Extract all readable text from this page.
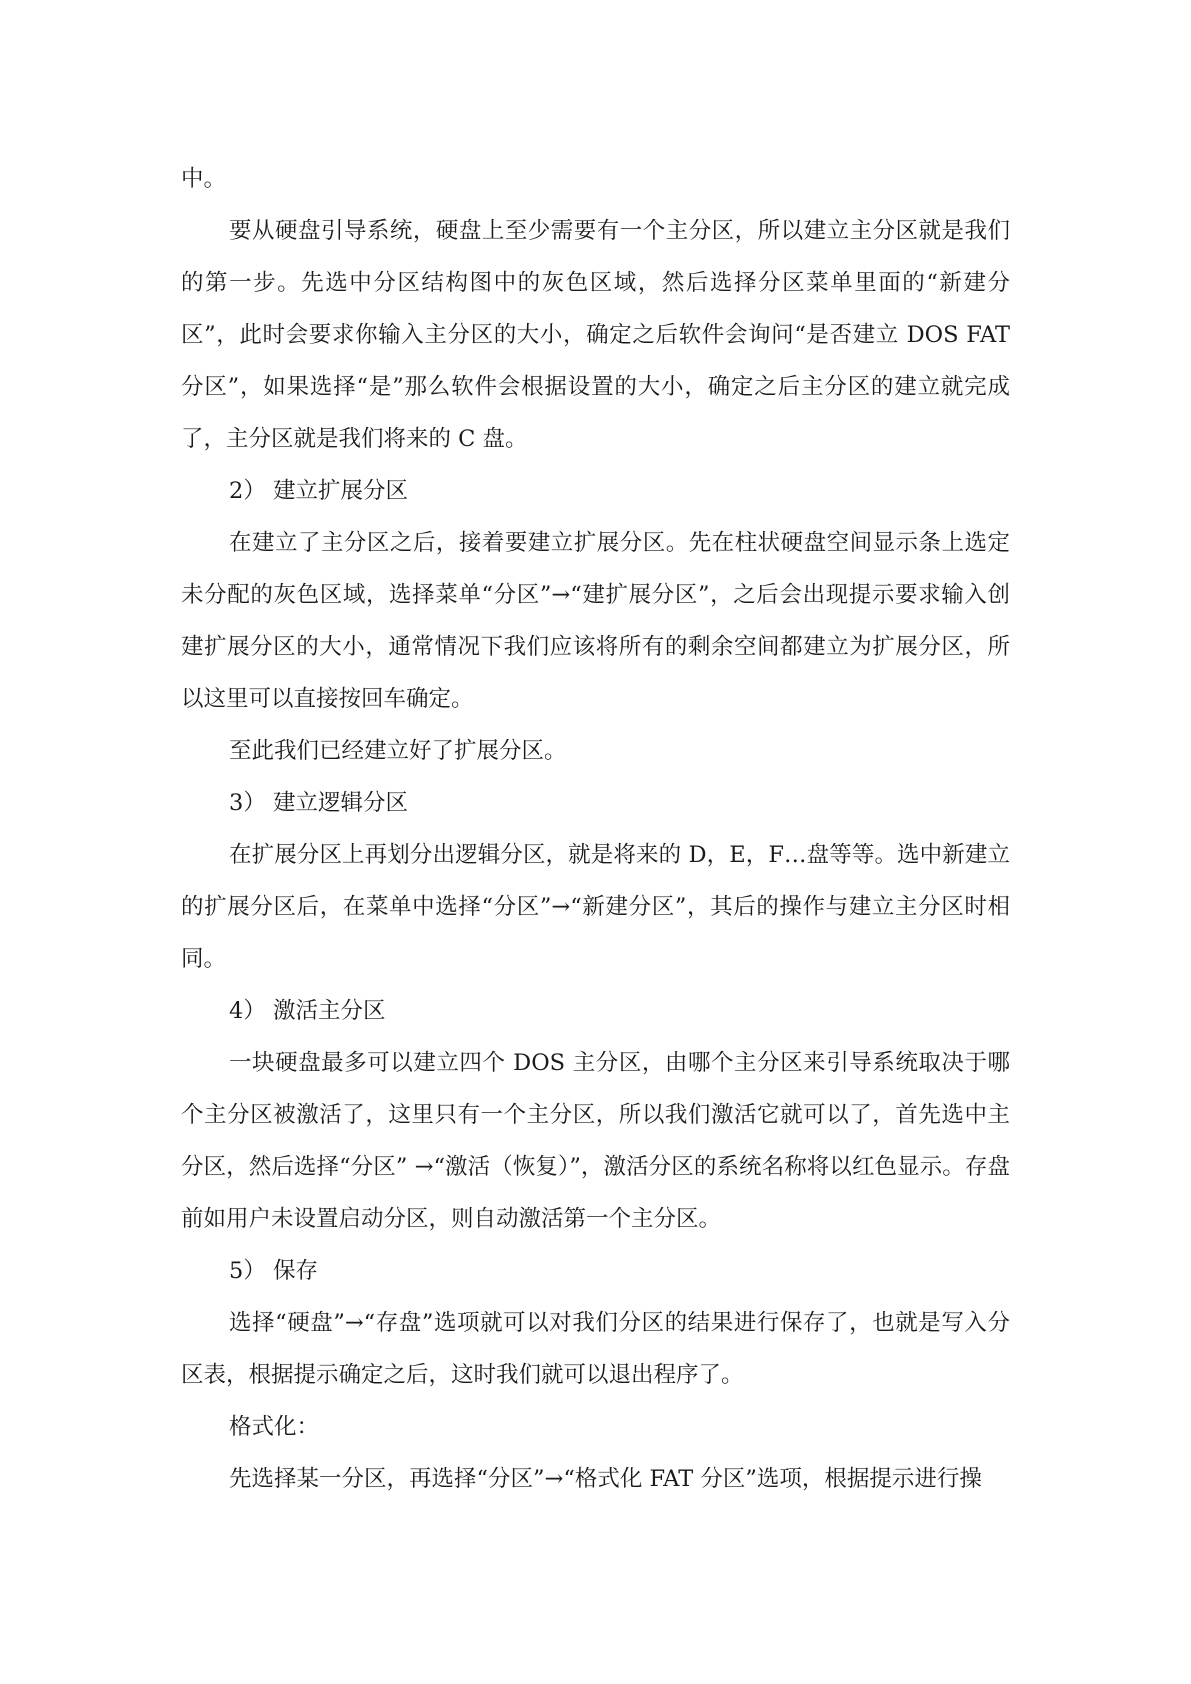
中。

要从硬盘引导系统，硬盘上至少需要有一个主分区，所以建立主分区就是我们的第一步。先选中分区结构图中的灰色区域，然后选择分区菜单里面的“新建分区”，此时会要求你输入主分区的大小，确定之后软件会询问“是否建立 DOS FAT 分区”，如果选择“是”那么软件会根据设置的大小，确定之后主分区的建立就完成了，主分区就是我们将来的 C 盘。

2） 建立扩展分区

在建立了主分区之后，接着要建立扩展分区。先在柱状硬盘空间显示条上选定未分配的灰色区域，选择菜单“分区”→“建扩展分区”，之后会出现提示要求输入创建扩展分区的大小，通常情况下我们应该将所有的剩余空间都建立为扩展分区，所以这里可以直接按回车确定。

至此我们已经建立好了扩展分区。

3） 建立逻辑分区

在扩展分区上再划分出逻辑分区，就是将来的 D，E，F…盘等等。选中新建立的扩展分区后，在菜单中选择“分区”→“新建分区”，其后的操作与建立主分区时相同。

4） 激活主分区

一块硬盘最多可以建立四个 DOS 主分区，由哪个主分区来引导系统取决于哪个主分区被激活了，这里只有一个主分区，所以我们激活它就可以了，首先选中主分区，然后选择“分区” →“激活（恢复）”，激活分区的系统名称将以红色显示。存盘前如用户未设置启动分区，则自动激活第一个主分区。

5） 保存

选择“硬盘”→“存盘”选项就可以对我们分区的结果进行保存了，也就是写入分区表，根据提示确定之后，这时我们就可以退出程序了。

格式化：

先选择某一分区，再选择“分区”→“格式化 FAT 分区”选项，根据提示进行操
